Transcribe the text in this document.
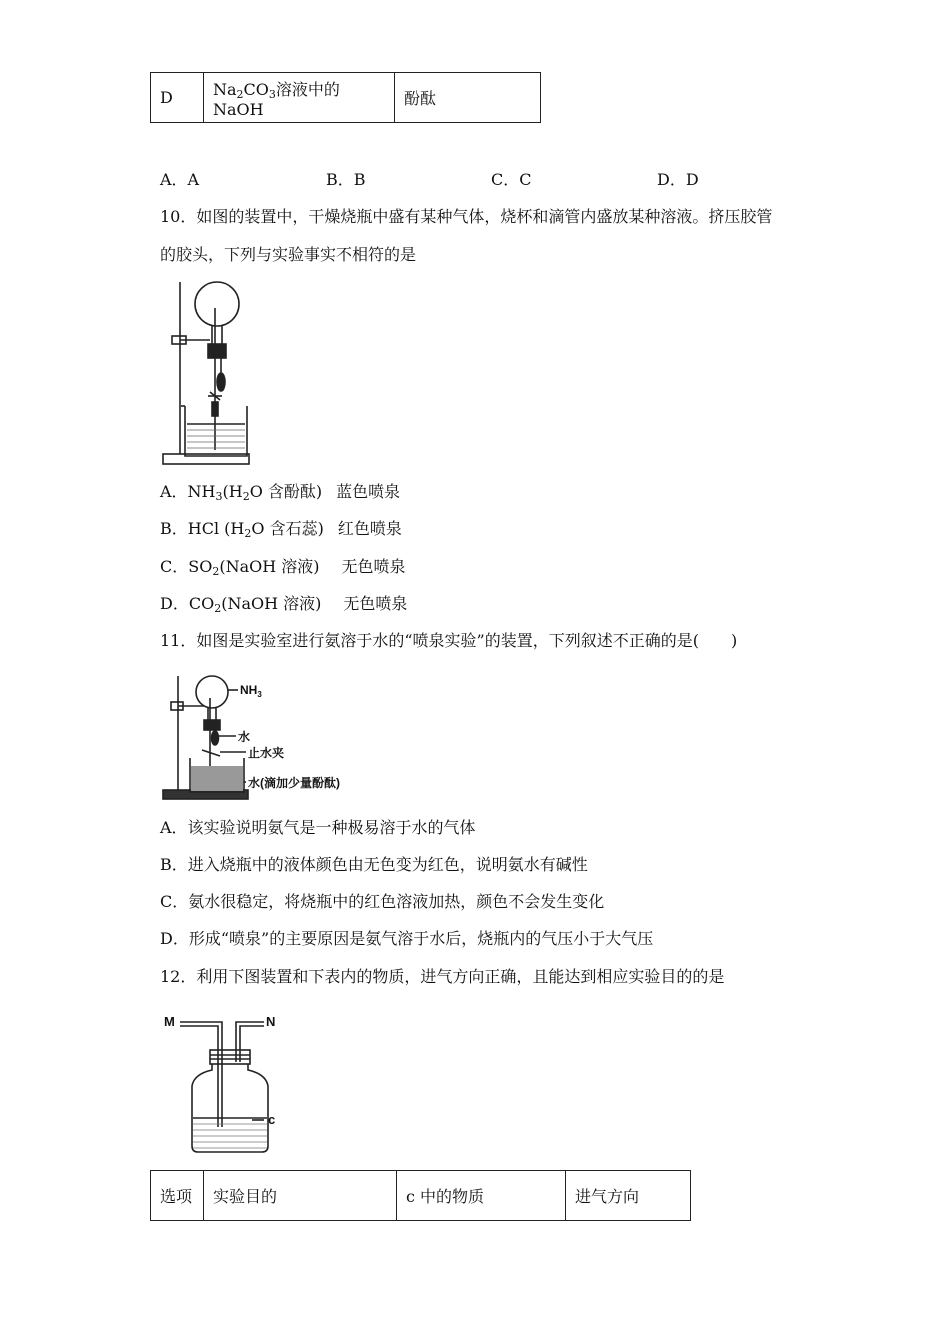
D	$Na_2CO_3$溶液中的 NaOH	酚酞
A．A	B．B	C．C	D．D
10．如图的装置中，干燥烧瓶中盛有某种气体，烧杯和滴管内盛放某种溶液。挤压胶管
的胶头，下列与实验事实不相符的是
A．$NH_3(H_2O$ 含酚酞) 蓝色喷泉
B．HCl ($H_2O$ 含石蕊) 红色喷泉
C．$SO_2(NaOH$ 溶液) 无色喷泉
D．$CO_2(NaOH$ 溶液) 无色喷泉
11．如图是实验室进行氨溶于水的“喷泉实验”的装置，下列叙述不正确的是(　　)
$NH_3$
水
止水夹
水(滴加少量酚酞)
A．该实验说明氨气是一种极易溶于水的气体
B．进入烧瓶中的液体颜色由无色变为红色，说明氨水有碱性
C．氨水很稳定，将烧瓶中的红色溶液加热，颜色不会发生变化
D．形成“喷泉”的主要原因是氨气溶于水后，烧瓶内的气压小于大气压
12．利用下图装置和下表内的物质，进气方向正确，且能达到相应实验目的的是
M	N
c
选项	实验目的	c 中的物质	进气方向
